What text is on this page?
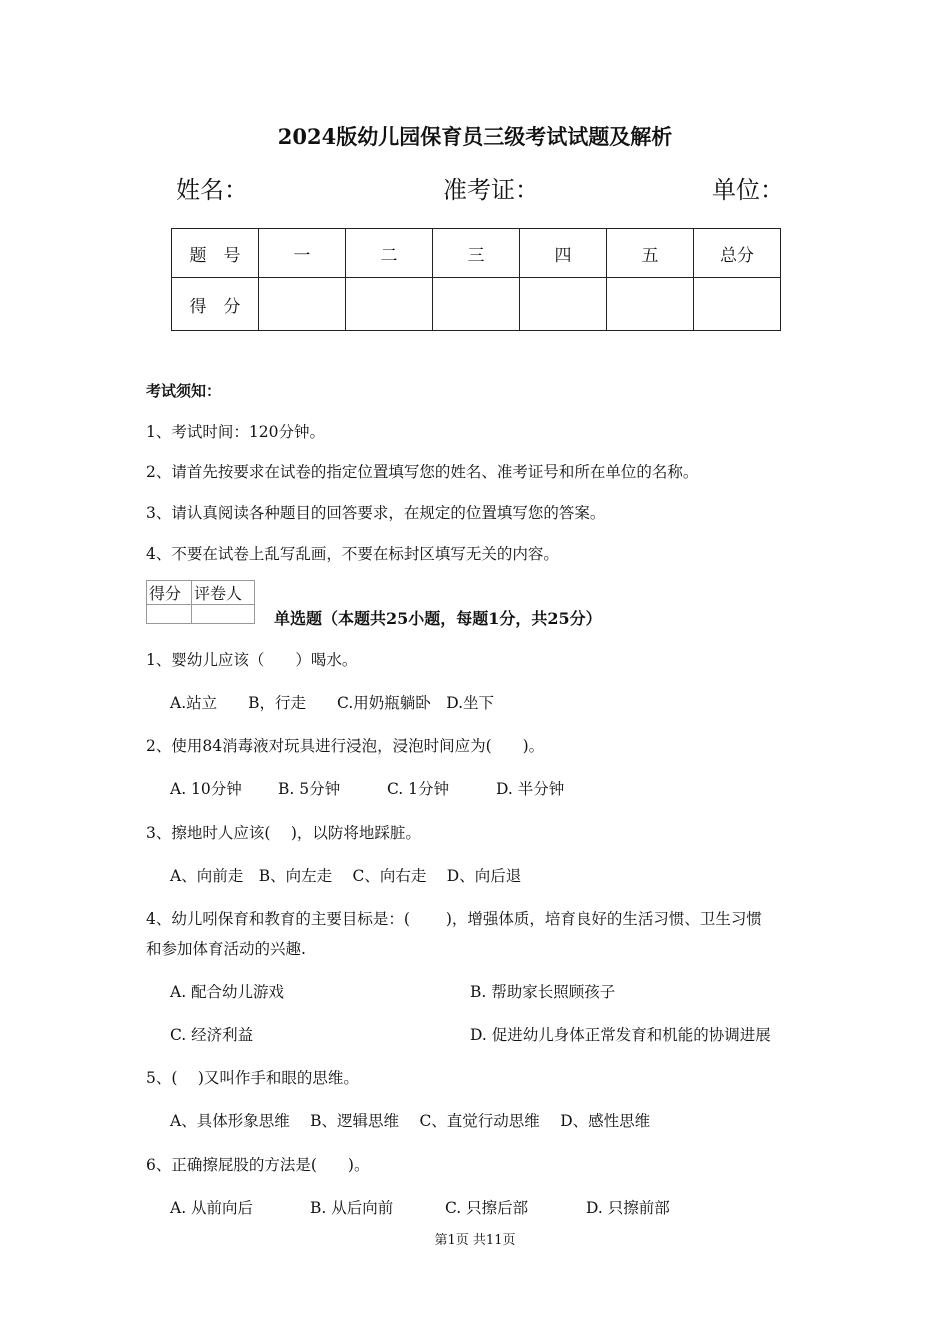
2024版幼儿园保育员三级考试试题及解析
姓名：	准考证：	单位：
题　号	一	二	三	四	五	总分
得　分						
考试须知：
1、考试时间：120分钟。
2、请首先按要求在试卷的指定位置填写您的姓名、准考证号和所在单位的名称。
3、请认真阅读各种题目的回答要求，在规定的位置填写您的答案。
4、不要在试卷上乱写乱画，不要在标封区填写无关的内容。
得分	评卷人

单选题（本题共25小题，每题1分，共25分）
1、婴幼儿应该（　　）喝水。
A.站立　　B，行走　　C.用奶瓶躺卧　D.坐下
2、使用84消毒液对玩具进行浸泡，浸泡时间应为(　　)。
A. 10分钟 B. 5分钟	C. 1分钟	D. 半分钟
3、擦地时人应该(　 )，以防将地踩脏。
A、向前走　B、向左走　 C、向右走　 D、向后退
4、幼儿吲保育和教育的主要目标是：(　　 )，增强体质，培育良好的生活习惯、卫生习惯
和参加体育活动的兴趣.
A. 配合幼儿游戏	B. 帮助家长照顾孩子
C. 经济利益	D. 促进幼儿身体正常发育和机能的协调进展
5、(　 )又叫作手和眼的思维。
A、具体形象思维　 B、逻辑思维　 C、直觉行动思维　 D、感性思维
6、正确擦屁股的方法是(　　)。
A. 从前向后	B. 从后向前	C. 只擦后部	D. 只擦前部
第1页 共11页
